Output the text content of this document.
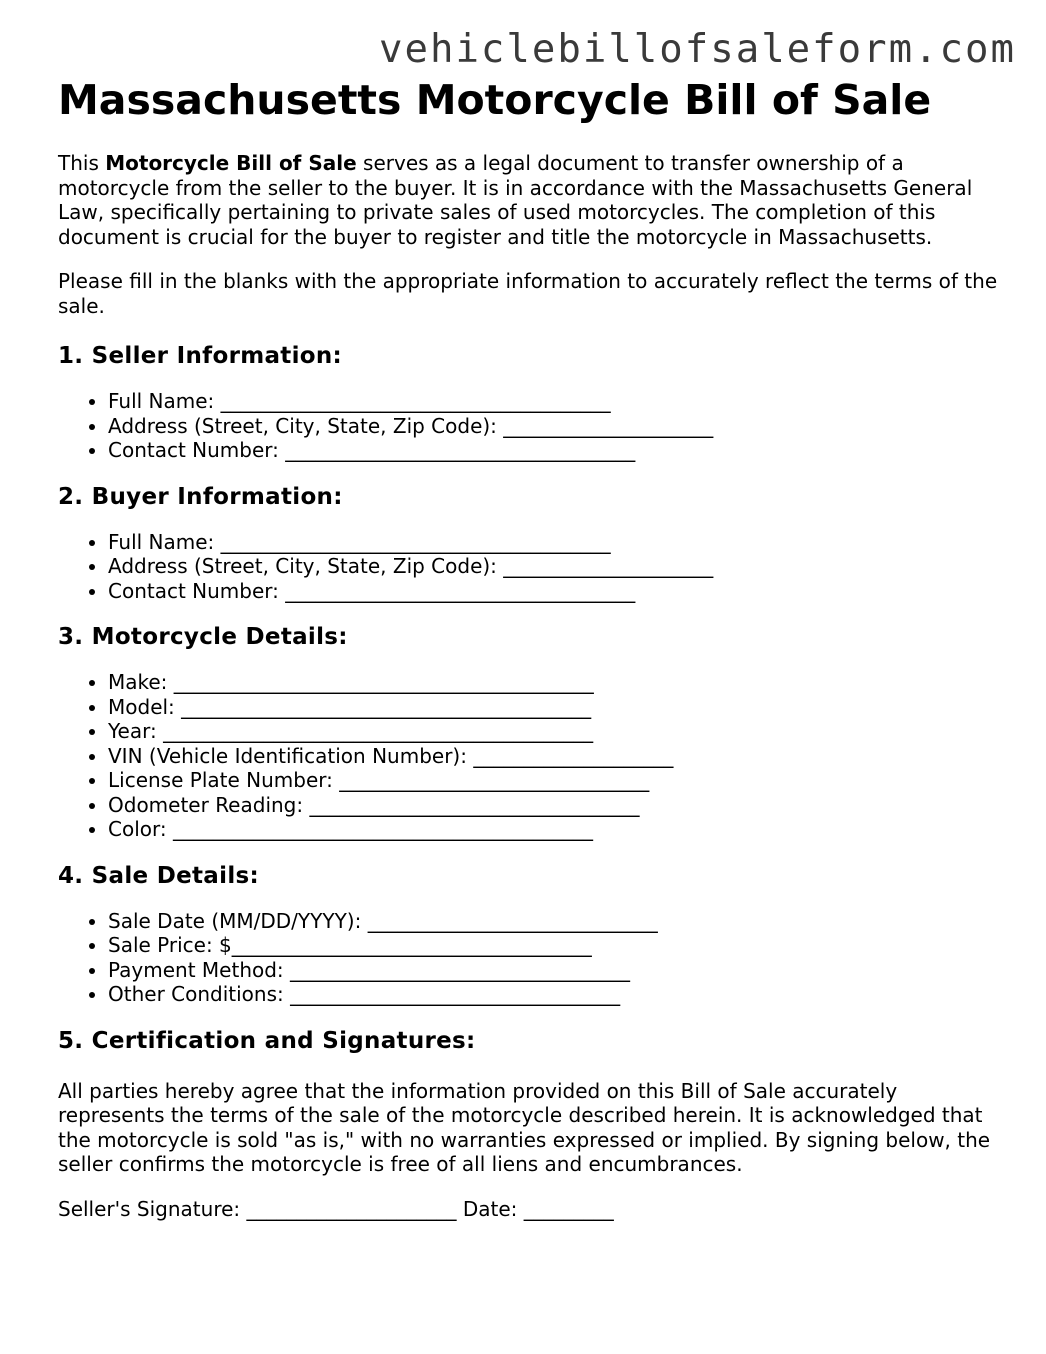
vehiclebillofsaleform.com
Massachusetts Motorcycle Bill of Sale

This Motorcycle Bill of Sale serves as a legal document to transfer ownership of a motorcycle from the seller to the buyer. It is in accordance with the Massachusetts General Law, specifically pertaining to private sales of used motorcycles. The completion of this document is crucial for the buyer to register and title the motorcycle in Massachusetts.

Please fill in the blanks with the appropriate information to accurately reflect the terms of the sale.

1. Seller Information:
• Full Name: _______________________________________
• Address (Street, City, State, Zip Code): _____________________
• Contact Number: ___________________________________
2. Buyer Information:
• Full Name: _______________________________________
• Address (Street, City, State, Zip Code): _____________________
• Contact Number: ___________________________________
3. Motorcycle Details:
• Make: __________________________________________
• Model: _________________________________________
• Year: ___________________________________________
• VIN (Vehicle Identification Number): ____________________
• License Plate Number: _______________________________
• Odometer Reading: _________________________________
• Color: __________________________________________
4. Sale Details:
• Sale Date (MM/DD/YYYY): _____________________________
• Sale Price: $____________________________________
• Payment Method: __________________________________
• Other Conditions: _________________________________
5. Certification and Signatures:

All parties hereby agree that the information provided on this Bill of Sale accurately represents the terms of the sale of the motorcycle described herein. It is acknowledged that the motorcycle is sold "as is," with no warranties expressed or implied. By signing below, the seller confirms the motorcycle is free of all liens and encumbrances.

Seller's Signature: _____________________ Date: _________
